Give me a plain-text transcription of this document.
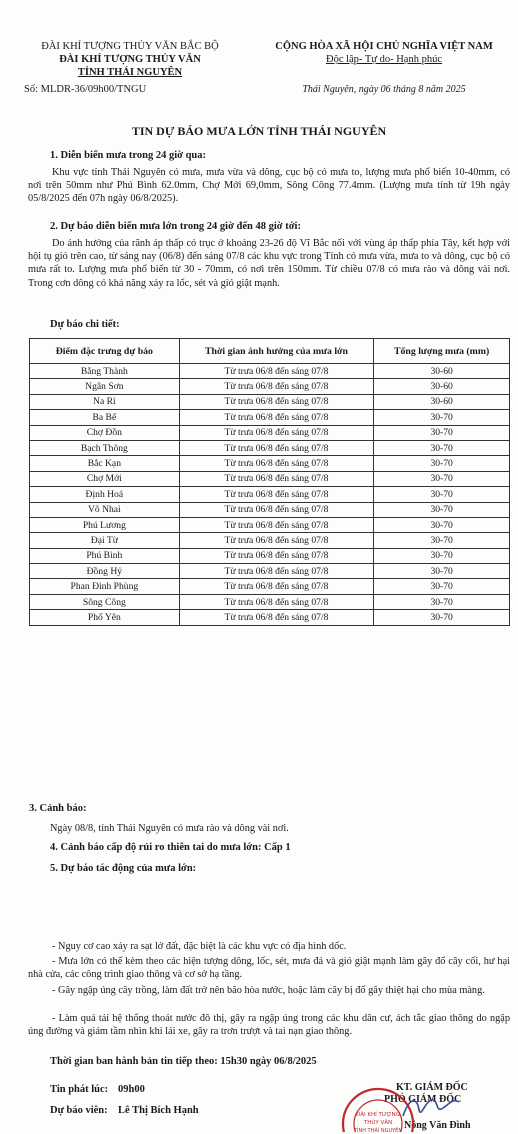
ĐÀI KHÍ TƯỢNG THỦY VĂN BẮC BỘ
ĐÀI KHÍ TƯỢNG THỦY VĂN
TỈNH THÁI NGUYÊN
Số: MLDR-36/09h00/TNGU
CỘNG HÒA XÃ HỘI CHỦ NGHĨA VIỆT NAM
Độc lập- Tự do- Hạnh phúc
Thái Nguyên, ngày 06 tháng 8 năm 2025
TIN DỰ BÁO MƯA LỚN TỈNH THÁI NGUYÊN
1. Diễn biến mưa trong 24 giờ qua:
Khu vực tỉnh Thái Nguyên có mưa, mưa vừa và dông, cục bộ có mưa to, lượng mưa phổ biến 10-40mm, có nơi trên 50mm như Phú Bình 62.0mm, Chợ Mới 69,0mm, Sông Công 77.4mm. (Lượng mưa tính từ 19h ngày 05/8/2025 đến 07h ngày 06/8/2025).
2. Dự báo diễn biến mưa lớn trong 24 giờ đến 48 giờ tới:
Do ảnh hưởng của rãnh áp thấp có trục ở khoảng 23-26 độ Vĩ Bắc nối với vùng áp thấp phía Tây, kết hợp với hội tụ gió trên cao, từ sáng nay (06/8) đến sáng 07/8 các khu vực trong Tỉnh có mưa vừa, mưa to và dông, cục bộ có mưa rất to. Lượng mưa phổ biến từ 30 - 70mm, có nơi trên 150mm. Từ chiều 07/8 có mưa rào và dông vài nơi. Trong cơn dông có khả năng xảy ra lốc, sét và gió giật mạnh.
Dự báo chi tiết:
Điểm đặc trưng dự báo	Thời gian ảnh hưởng của mưa lớn	Tổng lượng mưa (mm)
Bằng Thành	Từ trưa 06/8 đến sáng 07/8	30-60
Ngân Sơn	Từ trưa 06/8 đến sáng 07/8	30-60
Na Rì	Từ trưa 06/8 đến sáng 07/8	30-60
Ba Bể	Từ trưa 06/8 đến sáng 07/8	30-70
Chợ Đồn	Từ trưa 06/8 đến sáng 07/8	30-70
Bạch Thông	Từ trưa 06/8 đến sáng 07/8	30-70
Bắc Kạn	Từ trưa 06/8 đến sáng 07/8	30-70
Chợ Mới	Từ trưa 06/8 đến sáng 07/8	30-70
Định Hoá	Từ trưa 06/8 đến sáng 07/8	30-70
Võ Nhai	Từ trưa 06/8 đến sáng 07/8	30-70
Phú Lương	Từ trưa 06/8 đến sáng 07/8	30-70
Đại Từ	Từ trưa 06/8 đến sáng 07/8	30-70
Phú Bình	Từ trưa 06/8 đến sáng 07/8	30-70
Đồng Hỷ	Từ trưa 06/8 đến sáng 07/8	30-70
Phan Đình Phùng	Từ trưa 06/8 đến sáng 07/8	30-70
Sông Công	Từ trưa 06/8 đến sáng 07/8	30-70
Phổ Yên	Từ trưa 06/8 đến sáng 07/8	30-70
3. Cảnh báo:
Ngày 08/8, tỉnh Thái Nguyên có mưa rào và dông vài nơi.
4. Cảnh báo cấp độ rủi ro thiên tai do mưa lớn: Cấp 1
5. Dự báo tác động của mưa lớn:
- Nguy cơ cao xảy ra sạt lở đất, đặc biệt là các khu vực có địa hình dốc.
- Mưa lớn có thể kèm theo các hiện tượng dông, lốc, sét, mưa đá và gió giật mạnh làm gãy đổ cây cối, hư hại nhà cửa, các công trình giao thông và cơ sở hạ tầng.
- Gây ngập úng cây trồng, làm đất trở nên bão hòa nước, hoặc làm cây bị đổ gây thiệt hại cho mùa màng.
- Làm quá tải hệ thống thoát nước đô thị, gây ra ngập úng trong các khu dân cư, ách tắc giao thông do ngập úng đường và giảm tầm nhìn khi lái xe, gây ra trơn trượt và tai nạn giao thông.
Thời gian ban hành bản tin tiếp theo: 15h30 ngày 06/8/2025
Tin phát lúc: 09h00
Dự báo viên: Lê Thị Bích Hạnh
KT. GIÁM ĐỐC
PHÓ GIÁM ĐỐC
Nông Văn Đình
ĐÀI KHÍ TƯỢNG
THỦY VĂN
TỈNH THÁI NGUYÊN
